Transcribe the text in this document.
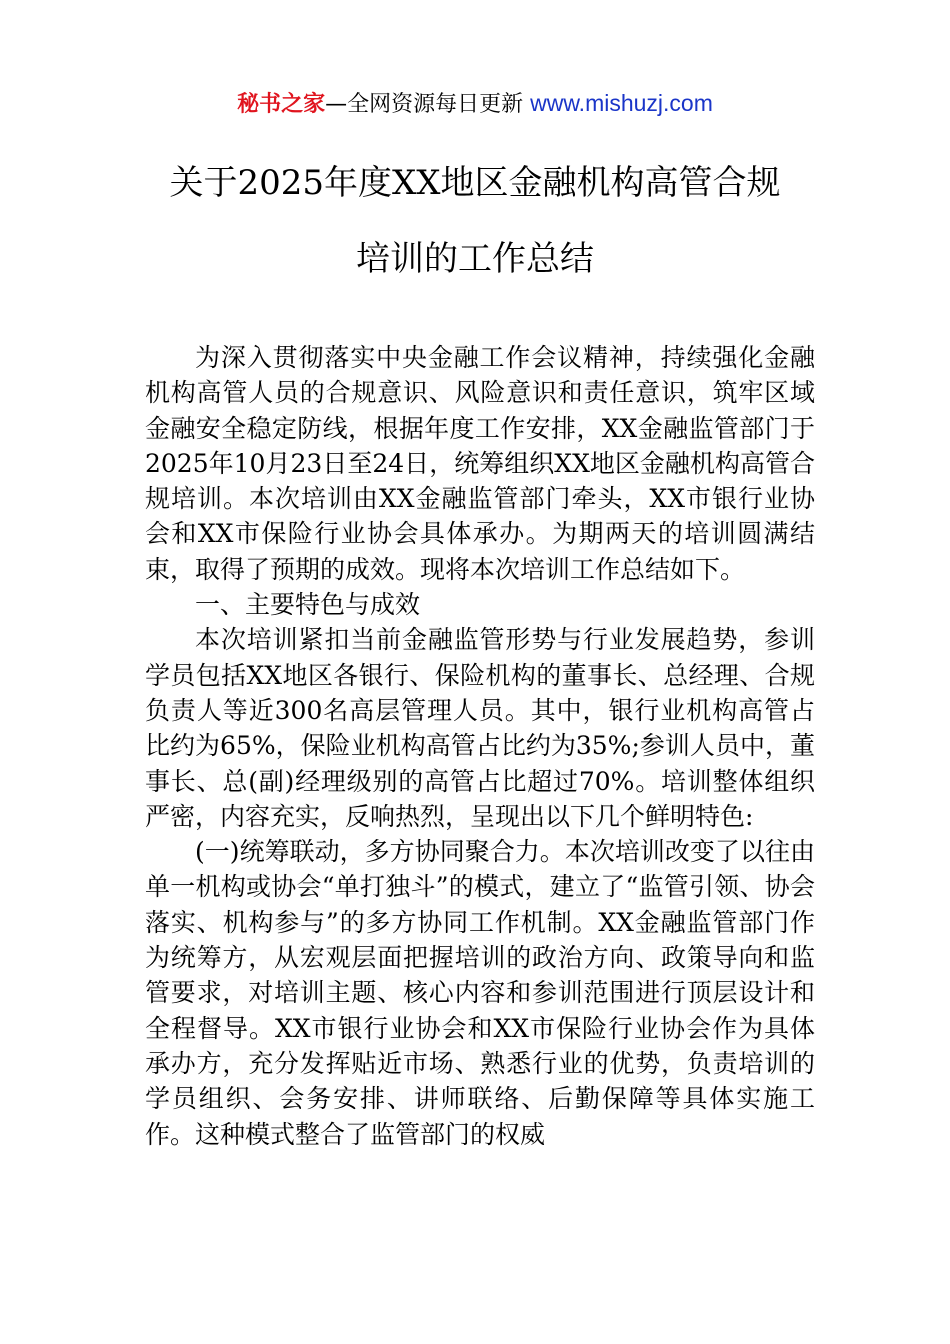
秘书之家—全网资源每日更新 www.mishuzj.com
关于2025年度XX地区金融机构高管合规
培训的工作总结

为深入贯彻落实中央金融工作会议精神，持续强化金融机构高管人员的合规意识、风险意识和责任意识，筑牢区域金融安全稳定防线，根据年度工作安排，XX金融监管部门于2025年10月23日至24日，统筹组织XX地区金融机构高管合规培训。本次培训由XX金融监管部门牵头，XX市银行业协会和XX市保险行业协会具体承办。为期两天的培训圆满结束，取得了预期的成效。现将本次培训工作总结如下。

一、主要特色与成效

本次培训紧扣当前金融监管形势与行业发展趋势，参训学员包括XX地区各银行、保险机构的董事长、总经理、合规负责人等近300名高层管理人员。其中，银行业机构高管占比约为65%，保险业机构高管占比约为35%;参训人员中，董事长、总(副)经理级别的高管占比超过70%。培训整体组织严密，内容充实，反响热烈，呈现出以下几个鲜明特色:

(一)统筹联动，多方协同聚合力。本次培训改变了以往由单一机构或协会“单打独斗”的模式，建立了“监管引领、协会落实、机构参与”的多方协同工作机制。XX金融监管部门作为统筹方，从宏观层面把握培训的政治方向、政策导向和监管要求，对培训主题、核心内容和参训范围进行顶层设计和全程督导。XX市银行业协会和XX市保险行业协会作为具体承办方，充分发挥贴近市场、熟悉行业的优势，负责培训的学员组织、会务安排、讲师联络、后勤保障等具体实施工作。这种模式整合了监管部门的权威
